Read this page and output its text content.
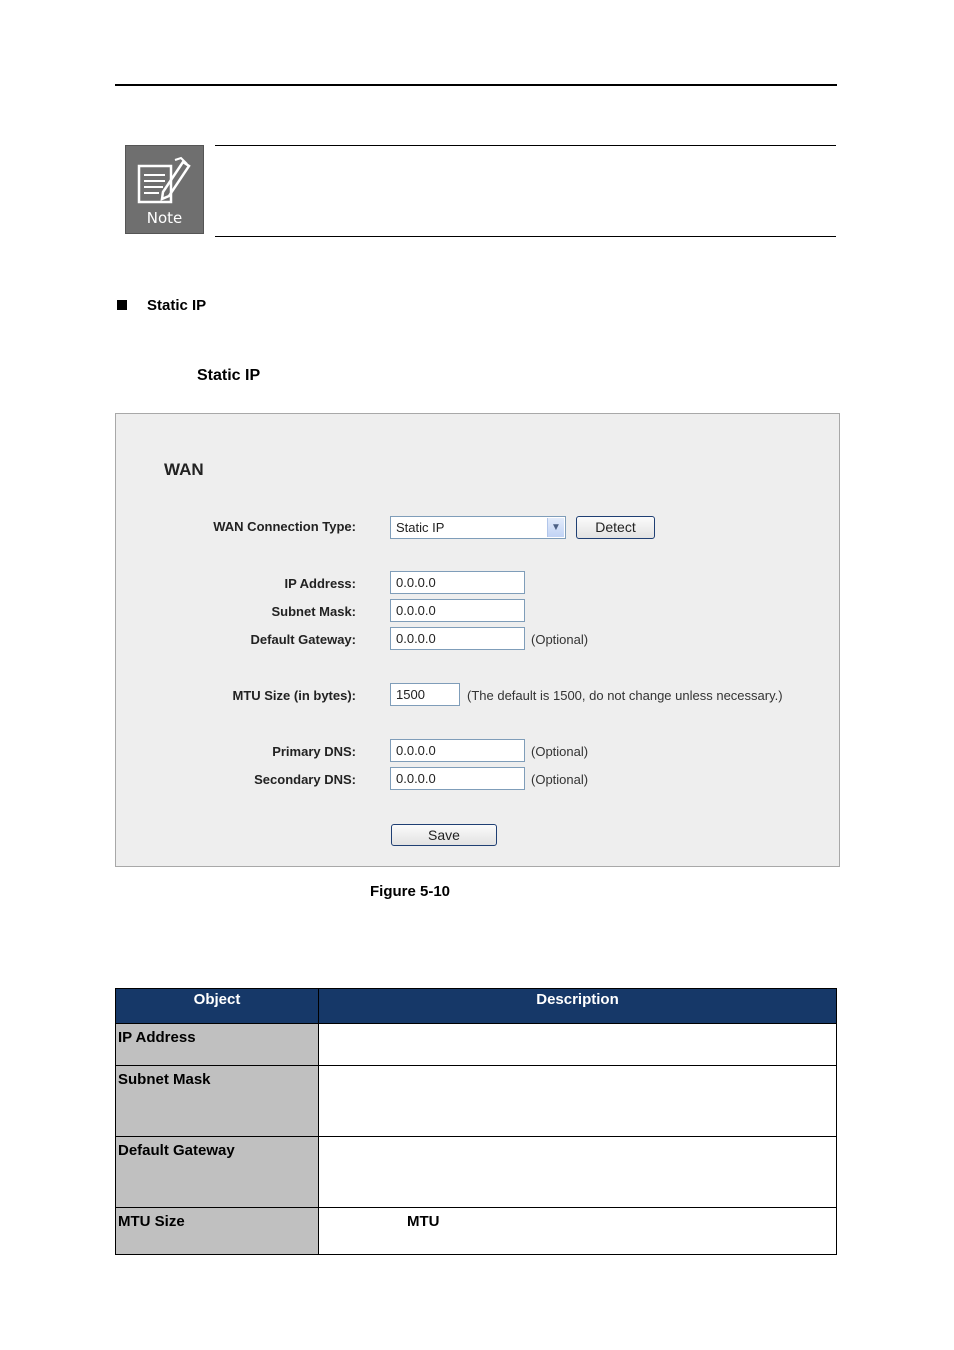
Note
Static IP
Static IP
WAN
WAN Connection Type:	Static IP	▼	Detect
IP Address:	0.0.0.0
Subnet Mask:	0.0.0.0
Default Gateway:	0.0.0.0	(Optional)
MTU Size (in bytes):	1500	(The default is 1500, do not change unless necessary.)
Primary DNS:	0.0.0.0	(Optional)
Secondary DNS:	0.0.0.0	(Optional)
Save
Figure 5-10
Object	Description
IP Address	
Subnet Mask	
Default Gateway	
MTU Size	MTU
